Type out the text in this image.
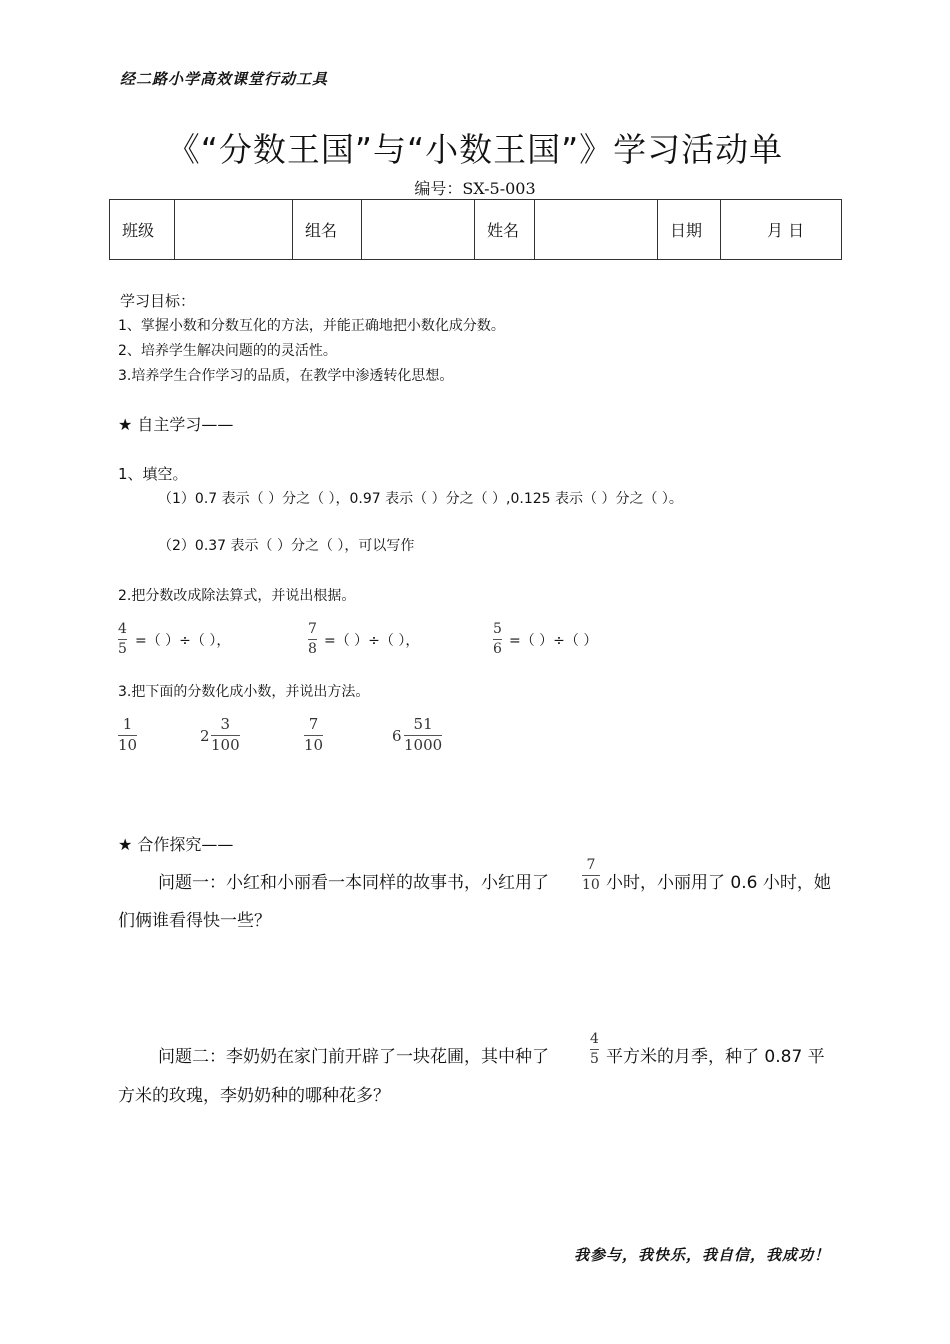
经二路小学高效课堂行动工具
《“分数王国”与“小数王国”》学习活动单
编号：SX-5-003
班级		组名		姓名		日期	月 日
学习目标：
1、掌握小数和分数互化的方法，并能正确地把小数化成分数。
2、培养学生解决问题的的灵活性。
3.培养学生合作学习的品质，在教学中渗透转化思想。
★ 自主学习——
1、填空。
（1）0.7 表示（ ）分之（ ），0.97 表示（ ）分之（ ）,0.125 表示（ ）分之（ ）。
（2）0.37 表示（ ）分之（ ），可以写作
2.把分数改成除法算式，并说出根据。
4
5 =（ ）÷（ ），
7
8 =（ ）÷（ ），
5
6 =（ ）÷（ ）
3.把下面的分数化成小数，并说出方法。
1
10	2
3
100
7
10	6
51
1000
★ 合作探究——
问题一：小红和小丽看一本同样的故事书，小红用了
7
10 小时，小丽用了 0.6 小时，她
们俩谁看得快一些？
问题二：李奶奶在家门前开辟了一块花圃，其中种了
4
5 平方米的月季，种了 0.87 平
方米的玫瑰，李奶奶种的哪种花多？
我参与，我快乐，我自信，我成功！
